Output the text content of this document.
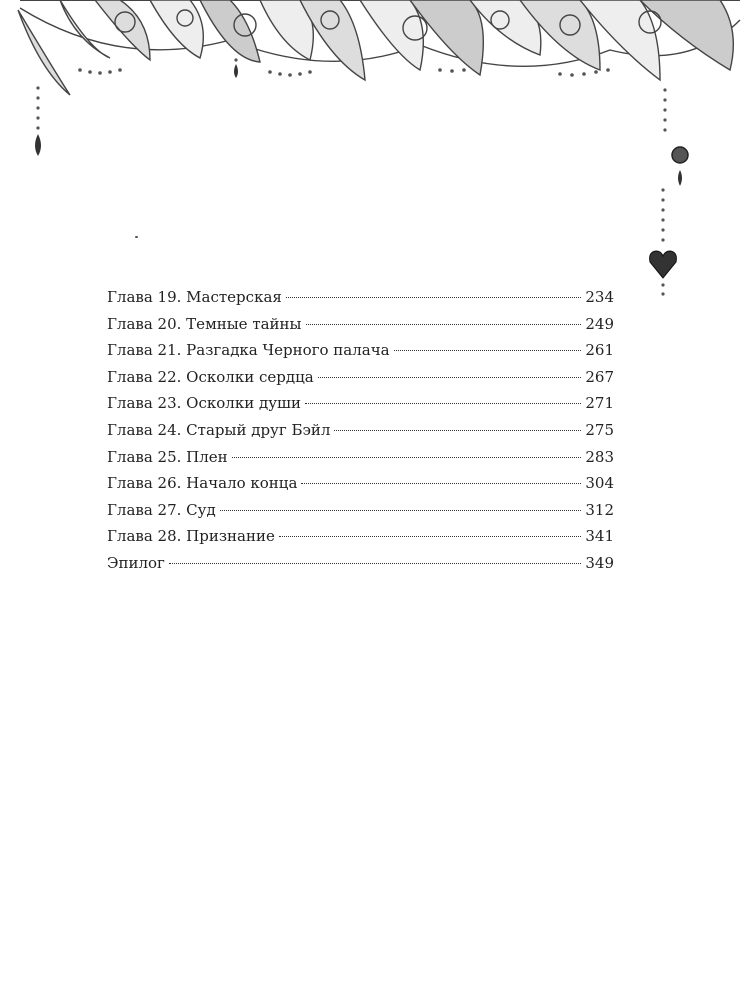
Глава 19. Мастерская	234
Глава 20. Темные тайны	249
Глава 21. Разгадка Черного палача	261
Глава 22. Осколки сердца	267
Глава 23. Осколки души	271
Глава 24. Старый друг Бэйл	275
Глава 25. Плен	283
Глава 26. Начало конца	304
Глава 27. Суд	312
Глава 28. Признание	341
Эпилог	349
